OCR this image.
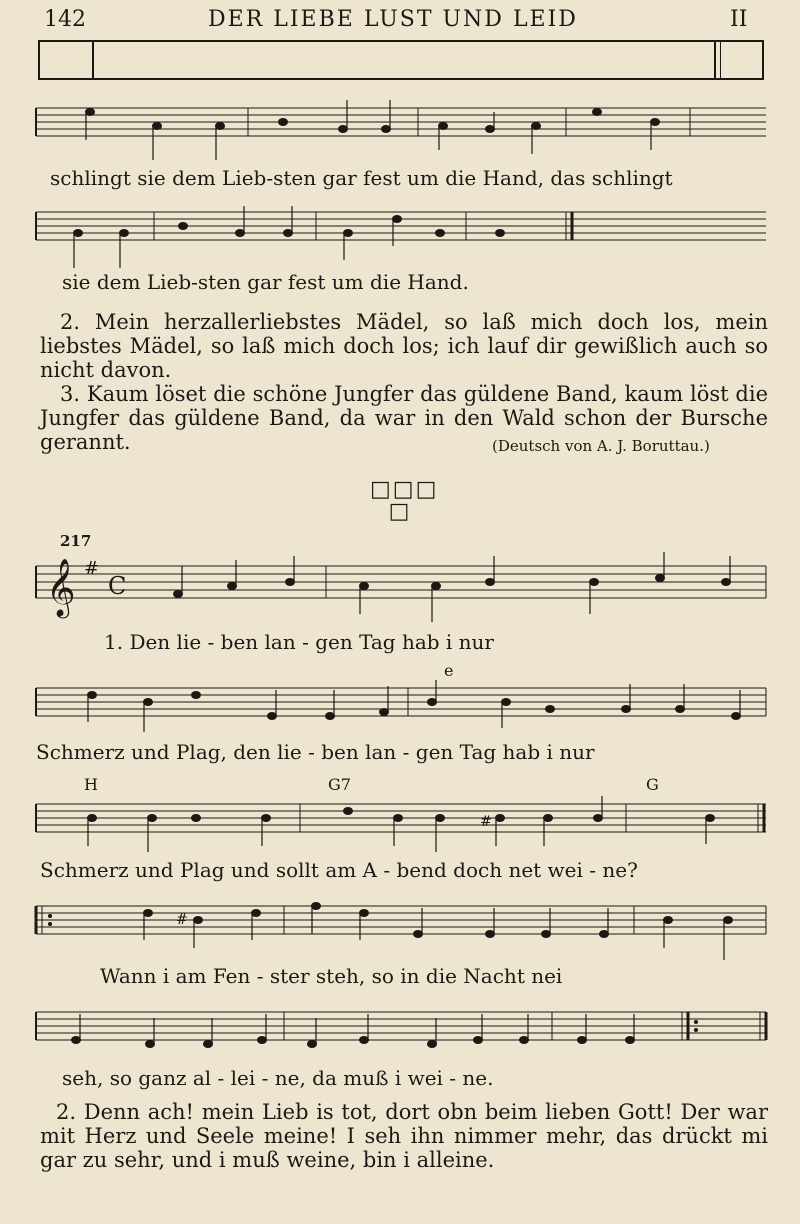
142	DER LIEBE LUST UND LEID	II
schlingt sie dem Lieb-sten gar fest um die Hand, das schlingt
sie dem Lieb-sten gar fest um die Hand.
2. Mein herzallerliebstes Mädel, so laß mich doch los, mein liebstes Mädel, so laß mich doch los; ich lauf dir gewißlich auch so nicht davon.
3. Kaum löset die schöne Jungfer das güldene Band, kaum löst die Jungfer das güldene Band, da war in den Wald schon der Bursche gerannt.	(Deutsch von A. J. Boruttau.)
□□□
□
217
𝄞 #
C
1. Den lie - ben lan - gen Tag hab i nur
e
Schmerz und Plag, den lie - ben lan - gen Tag hab i nur
H	G7	G
#
Schmerz und Plag und sollt am A - bend doch net wei - ne?
#
Wann i am Fen - ster steh, so in die Nacht nei
seh, so ganz al - lei - ne, da muß i wei - ne.
2. Denn ach! mein Lieb is tot, dort obn beim lieben Gott! Der war mit Herz und Seele meine! I seh ihn nimmer mehr, das drückt mi gar zu sehr, und i muß weine, bin i alleine.
